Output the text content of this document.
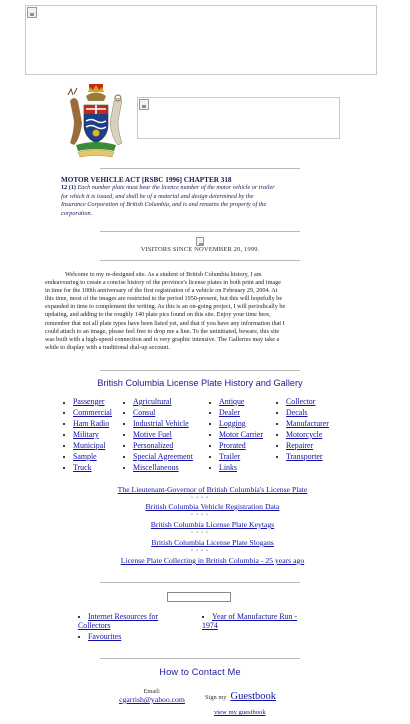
MOTOR VEHICLE ACT [RSBC 1996] CHAPTER 318
12 (1) Each number plate must bear the licence number of the motor vehicle or trailer
for which it is issued, and shall be of a material and design determined by the
Insurance Corporation of British Columbia, and is and remains the property of the
corporation.
VISITORS SINCE NOVEMBER 20, 1999.
Welcome to my re-designed site. As a student of British Columbia history, I am
endeavouring to create a concise history of the province's license plates in both print and image
in time for the 100th anniversary of the first registration of a vehicle on February 29, 2004. At
this time, most of the images are restricted to the period 1950-present, but this will hopefully be
expanded in time to complement the writing. As this is an on-going project, I will periodically be
updating, and adding to the roughly 140 plate pics found on this site. Enjoy your time here,
remember that not all plate types have been listed yet, and that if you have any information that I
could attach to an image, please feel free to drop me a line. To the uninitiated, beware, this site
was built with a high-speed connection and is very graphic intensive. The Galleries may take a
while to display with a traditional dial-up account.
British Columbia License Plate History and Gallery
Passenger
Commercial
Ham Radio
Military
Municipal
Sample
Truck
Agricultural
Consul
Industrial Vehicle
Motive Fuel
Personalized
Special Agreement
Miscellaneous
Antique
Dealer
Logging
Motor Carrier
Prorated
Trailer
Links
Collector
Decals
Manufacturer
Motorcycle
Repairer
Transporter
The Lieutenant-Governor of British Columbia's License Plate
• • • •
British Columbia Vehicle Registration Data
• • • •
British Columbia License Plate Keytags
• • • •
British Columbia License Plate Slogans
• • • •
License Plate Collecting in British Columbia - 25 years ago
Internet Resources for
Collectors
Year of Manufacture Run -
1974
Favourites
How to Contact Me
Email:
cgarrish@yahoo.com	Sign my Guestbook
view my guestbook
